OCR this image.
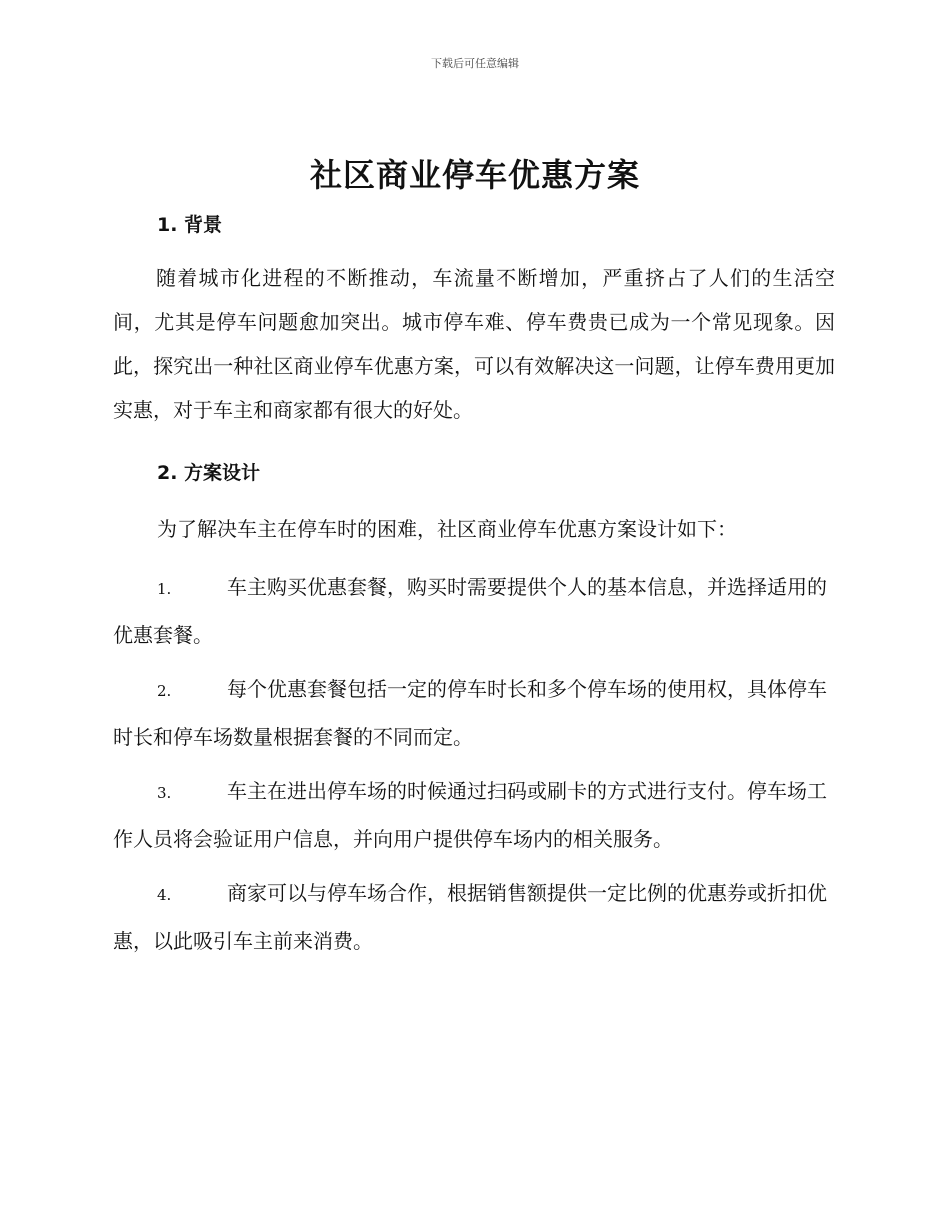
下载后可任意编辑
社区商业停车优惠方案
1. 背景

随着城市化进程的不断推动，车流量不断增加，严重挤占了人们的生活空间，尤其是停车问题愈加突出。城市停车难、停车费贵已成为一个常见现象。因此，探究出一种社区商业停车优惠方案，可以有效解决这一问题，让停车费用更加实惠，对于车主和商家都有很大的好处。

2. 方案设计

为了解决车主在停车时的困难，社区商业停车优惠方案设计如下：

1.	车主购买优惠套餐，购买时需要提供个人的基本信息，并选择适用的优惠套餐。

2.	每个优惠套餐包括一定的停车时长和多个停车场的使用权，具体停车时长和停车场数量根据套餐的不同而定。

3.	车主在进出停车场的时候通过扫码或刷卡的方式进行支付。停车场工作人员将会验证用户信息，并向用户提供停车场内的相关服务。

4.	商家可以与停车场合作，根据销售额提供一定比例的优惠券或折扣优惠，以此吸引车主前来消费。
